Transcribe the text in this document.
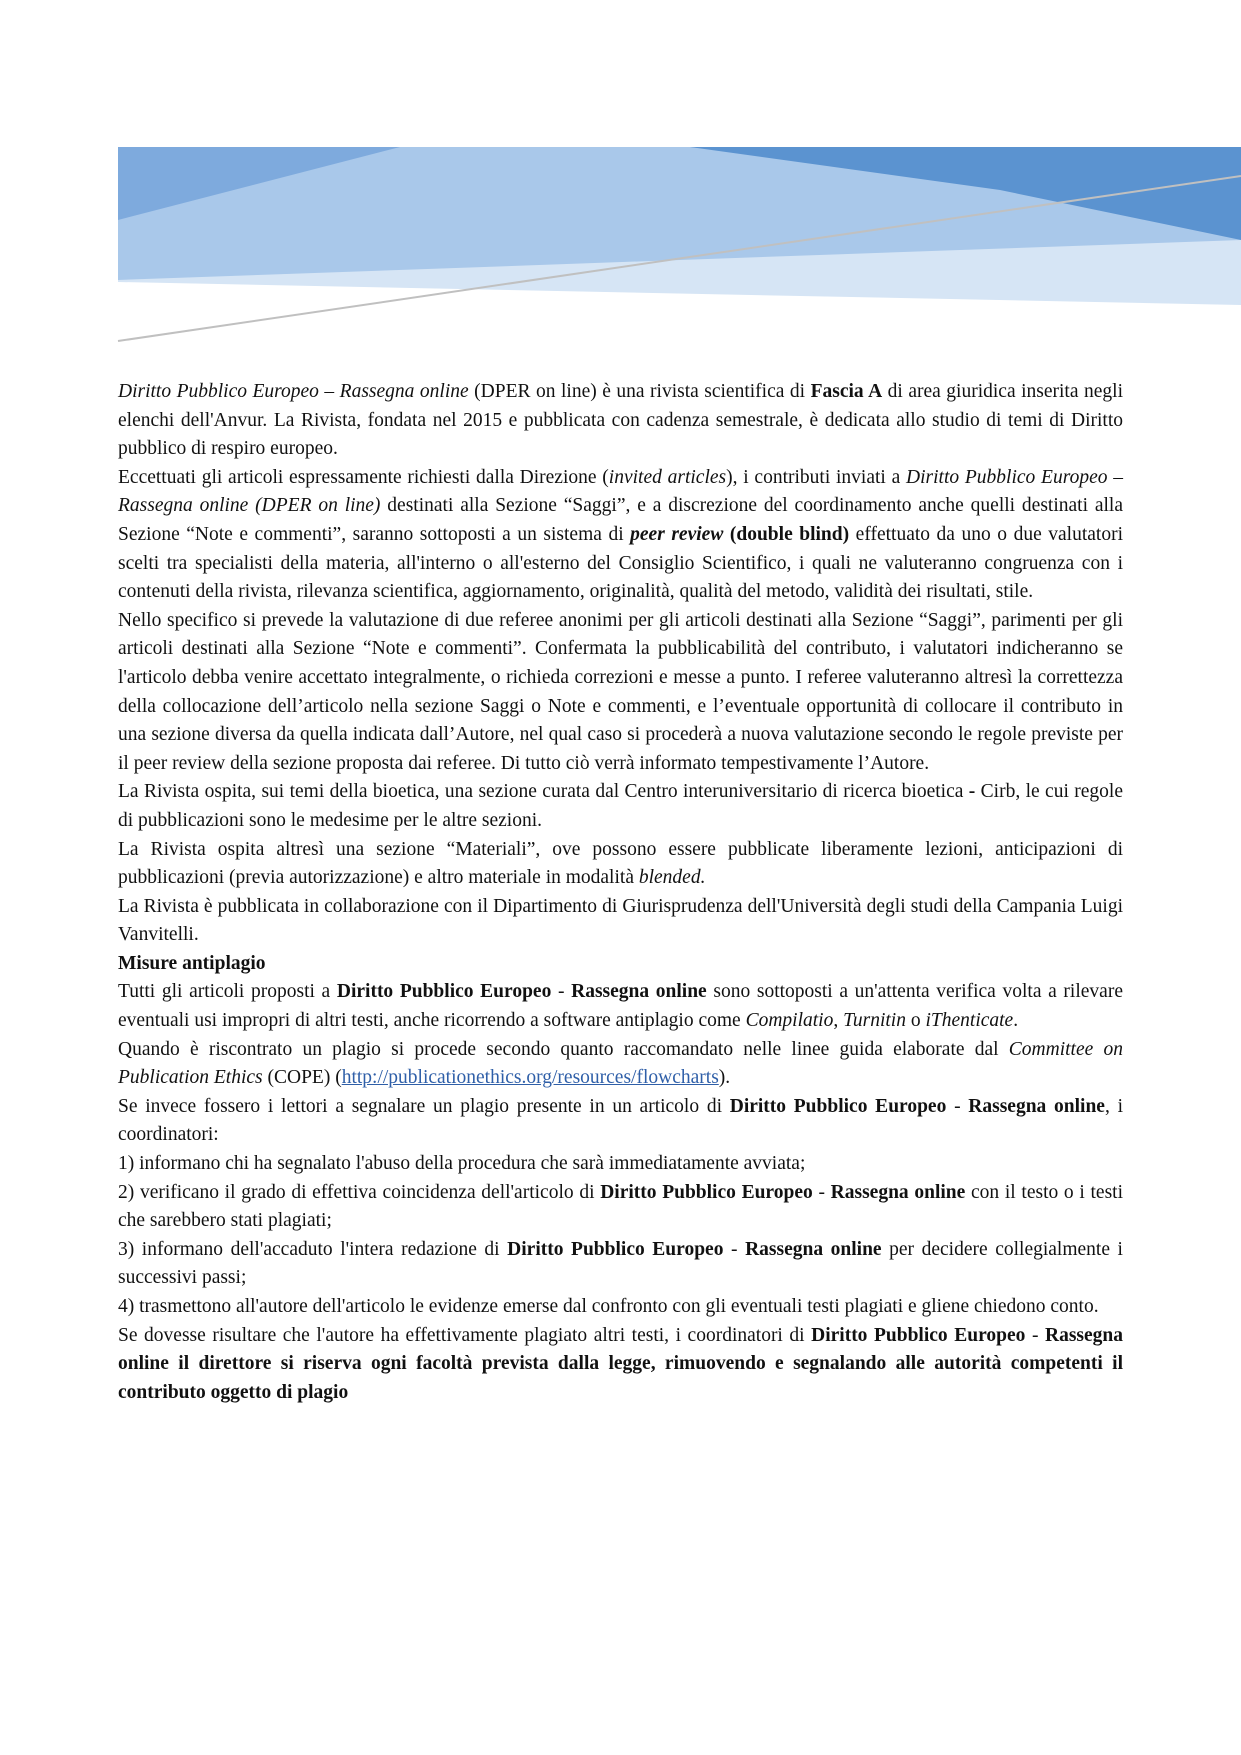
Diritto Pubblico Europeo – Rassegna online (DPER on line) è una rivista scientifica di Fascia A di area giuridica inserita negli elenchi dell'Anvur. La Rivista, fondata nel 2015 e pubblicata con cadenza semestrale, è dedicata allo studio di temi di Diritto pubblico di respiro europeo.

Eccettuati gli articoli espressamente richiesti dalla Direzione (invited articles), i contributi inviati a Diritto Pubblico Europeo – Rassegna online (DPER on line) destinati alla Sezione “Saggi”, e a discrezione del coordinamento anche quelli destinati alla Sezione “Note e commenti”, saranno sottoposti a un sistema di peer review (double blind) effettuato da uno o due valutatori scelti tra specialisti della materia, all'interno o all'esterno del Consiglio Scientifico, i quali ne valuteranno congruenza con i contenuti della rivista, rilevanza scientifica, aggiornamento, originalità, qualità del metodo, validità dei risultati, stile.

Nello specifico si prevede la valutazione di due referee anonimi per gli articoli destinati alla Sezione “Saggi”, parimenti per gli articoli destinati alla Sezione “Note e commenti”. Confermata la pubblicabilità del contributo, i valutatori indicheranno se l'articolo debba venire accettato integralmente, o richieda correzioni e messe a punto. I referee valuteranno altresì la correttezza della collocazione dell’articolo nella sezione Saggi o Note e commenti, e l’eventuale opportunità di collocare il contributo in una sezione diversa da quella indicata dall’Autore, nel qual caso si procederà a nuova valutazione secondo le regole previste per il peer review della sezione proposta dai referee. Di tutto ciò verrà informato tempestivamente l’Autore.

La Rivista ospita, sui temi della bioetica, una sezione curata dal Centro interuniversitario di ricerca bioetica - Cirb, le cui regole di pubblicazioni sono le medesime per le altre sezioni.

La Rivista ospita altresì una sezione “Materiali”, ove possono essere pubblicate liberamente lezioni, anticipazioni di pubblicazioni (previa autorizzazione) e altro materiale in modalità blended.

La Rivista è pubblicata in collaborazione con il Dipartimento di Giurisprudenza dell'Università degli studi della Campania Luigi Vanvitelli.

Misure antiplagio

Tutti gli articoli proposti a Diritto Pubblico Europeo - Rassegna online sono sottoposti a un'attenta verifica volta a rilevare eventuali usi impropri di altri testi, anche ricorrendo a software antiplagio come Compilatio, Turnitin o iThenticate.

Quando è riscontrato un plagio si procede secondo quanto raccomandato nelle linee guida elaborate dal Committee on Publication Ethics (COPE) (http://publicationethics.org/resources/flowcharts).

Se invece fossero i lettori a segnalare un plagio presente in un articolo di Diritto Pubblico Europeo - Rassegna online, i coordinatori:

1) informano chi ha segnalato l'abuso della procedura che sarà immediatamente avviata;

2) verificano il grado di effettiva coincidenza dell'articolo di Diritto Pubblico Europeo - Rassegna online con il testo o i testi che sarebbero stati plagiati;

3) informano dell'accaduto l'intera redazione di Diritto Pubblico Europeo - Rassegna online per decidere collegialmente i successivi passi;

4) trasmettono all'autore dell'articolo le evidenze emerse dal confronto con gli eventuali testi plagiati e gliene chiedono conto.

Se dovesse risultare che l'autore ha effettivamente plagiato altri testi, i coordinatori di Diritto Pubblico Europeo - Rassegna online il direttore si riserva ogni facoltà prevista dalla legge, rimuovendo e segnalando alle autorità competenti il contributo oggetto di plagio
